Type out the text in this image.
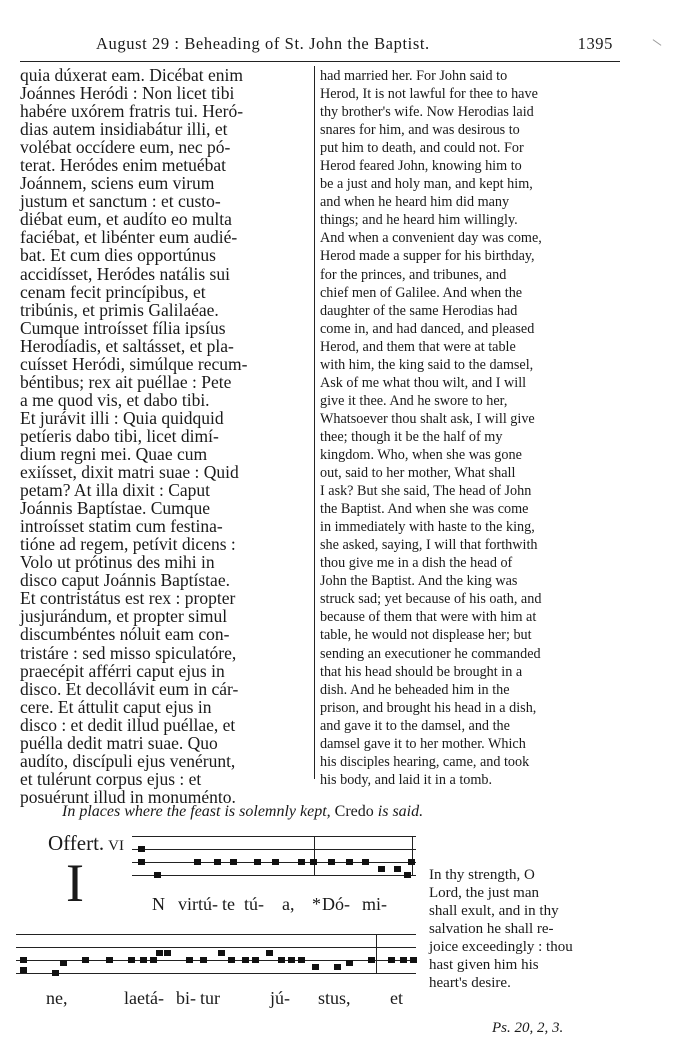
August 29 : Beheading of St. John the Baptist.	1395

quia dúxerat eam. Dicébat enim

Joánnes Heródi : Non licet tibi

habére uxórem fratris tui. Heró-

dias autem insidiabátur illi, et

volébat occídere eum, nec pó-

terat. Heródes enim metuébat

Joánnem, sciens eum virum

justum et sanctum : et custo-

diébat eum, et audíto eo multa

faciébat, et libénter eum audié-

bat. Et cum dies opportúnus

accidísset, Heródes natális sui

cenam fecit princípibus, et

tribúnis, et primis Galilaéae.

Cumque introísset fília ipsíus

Herodíadis, et saltásset, et pla-

cuísset Heródi, simúlque recum-

béntibus; rex ait puéllae : Pete

a me quod vis, et dabo tibi.

Et jurávit illi : Quia quidquid

petíeris dabo tibi, licet dimí-

dium regni mei. Quae cum

exiísset, dixit matri suae : Quid

petam? At illa dixit : Caput

Joánnis Baptístae. Cumque

introísset statim cum festina-

tióne ad regem, petívit dicens :

Volo ut prótinus des mihi in

disco caput Joánnis Baptístae.

Et contristátus est rex : propter

jusjurándum, et propter simul

discumbéntes nóluit eam con-

tristáre : sed misso spiculatóre,

praecépit afférri caput ejus in

disco. Et decollávit eum in cár-

cere. Et áttulit caput ejus in

disco : et dedit illud puéllae, et

puélla dedit matri suae. Quo

audíto, discípuli ejus venérunt,

et tulérunt corpus ejus : et

posuérunt illud in monuménto.

had married her. For John said to

Herod, It is not lawful for thee to have

thy brother's wife. Now Herodias laid

snares for him, and was desirous to

put him to death, and could not. For

Herod feared John, knowing him to

be a just and holy man, and kept him,

and when he heard him did many

things; and he heard him willingly.

And when a convenient day was come,

Herod made a supper for his birthday,

for the princes, and tribunes, and

chief men of Galilee. And when the

daughter of the same Herodias had

come in, and had danced, and pleased

Herod, and them that were at table

with him, the king said to the damsel,

Ask of me what thou wilt, and I will

give it thee. And he swore to her,

Whatsoever thou shalt ask, I will give

thee; though it be the half of my

kingdom. Who, when she was gone

out, said to her mother, What shall

I ask? But she said, The head of John

the Baptist. And when she was come

in immediately with haste to the king,

she asked, saying, I will that forthwith

thou give me in a dish the head of

John the Baptist. And the king was

struck sad; yet because of his oath, and

because of them that were with him at

table, he would not displease her; but

sending an executioner he commanded

that his head should be brought in a

dish. And he beheaded him in the

prison, and brought his head in a dish,

and gave it to the damsel, and the

damsel gave it to her mother. Which

his disciples hearing, came, and took

his body, and laid it in a tomb.

In places where the feast is solemnly kept, Credo is said.
Offert. VI
I	N virtú- te tú- a, * Dó- mi-
ne,	laetá- bi- tur	jú- stus, et

In thy strength, O

Lord, the just man

shall exult, and in thy

salvation he shall re-

joice exceedingly : thou

hast given him his

heart's desire.

Ps. 20, 2, 3.
